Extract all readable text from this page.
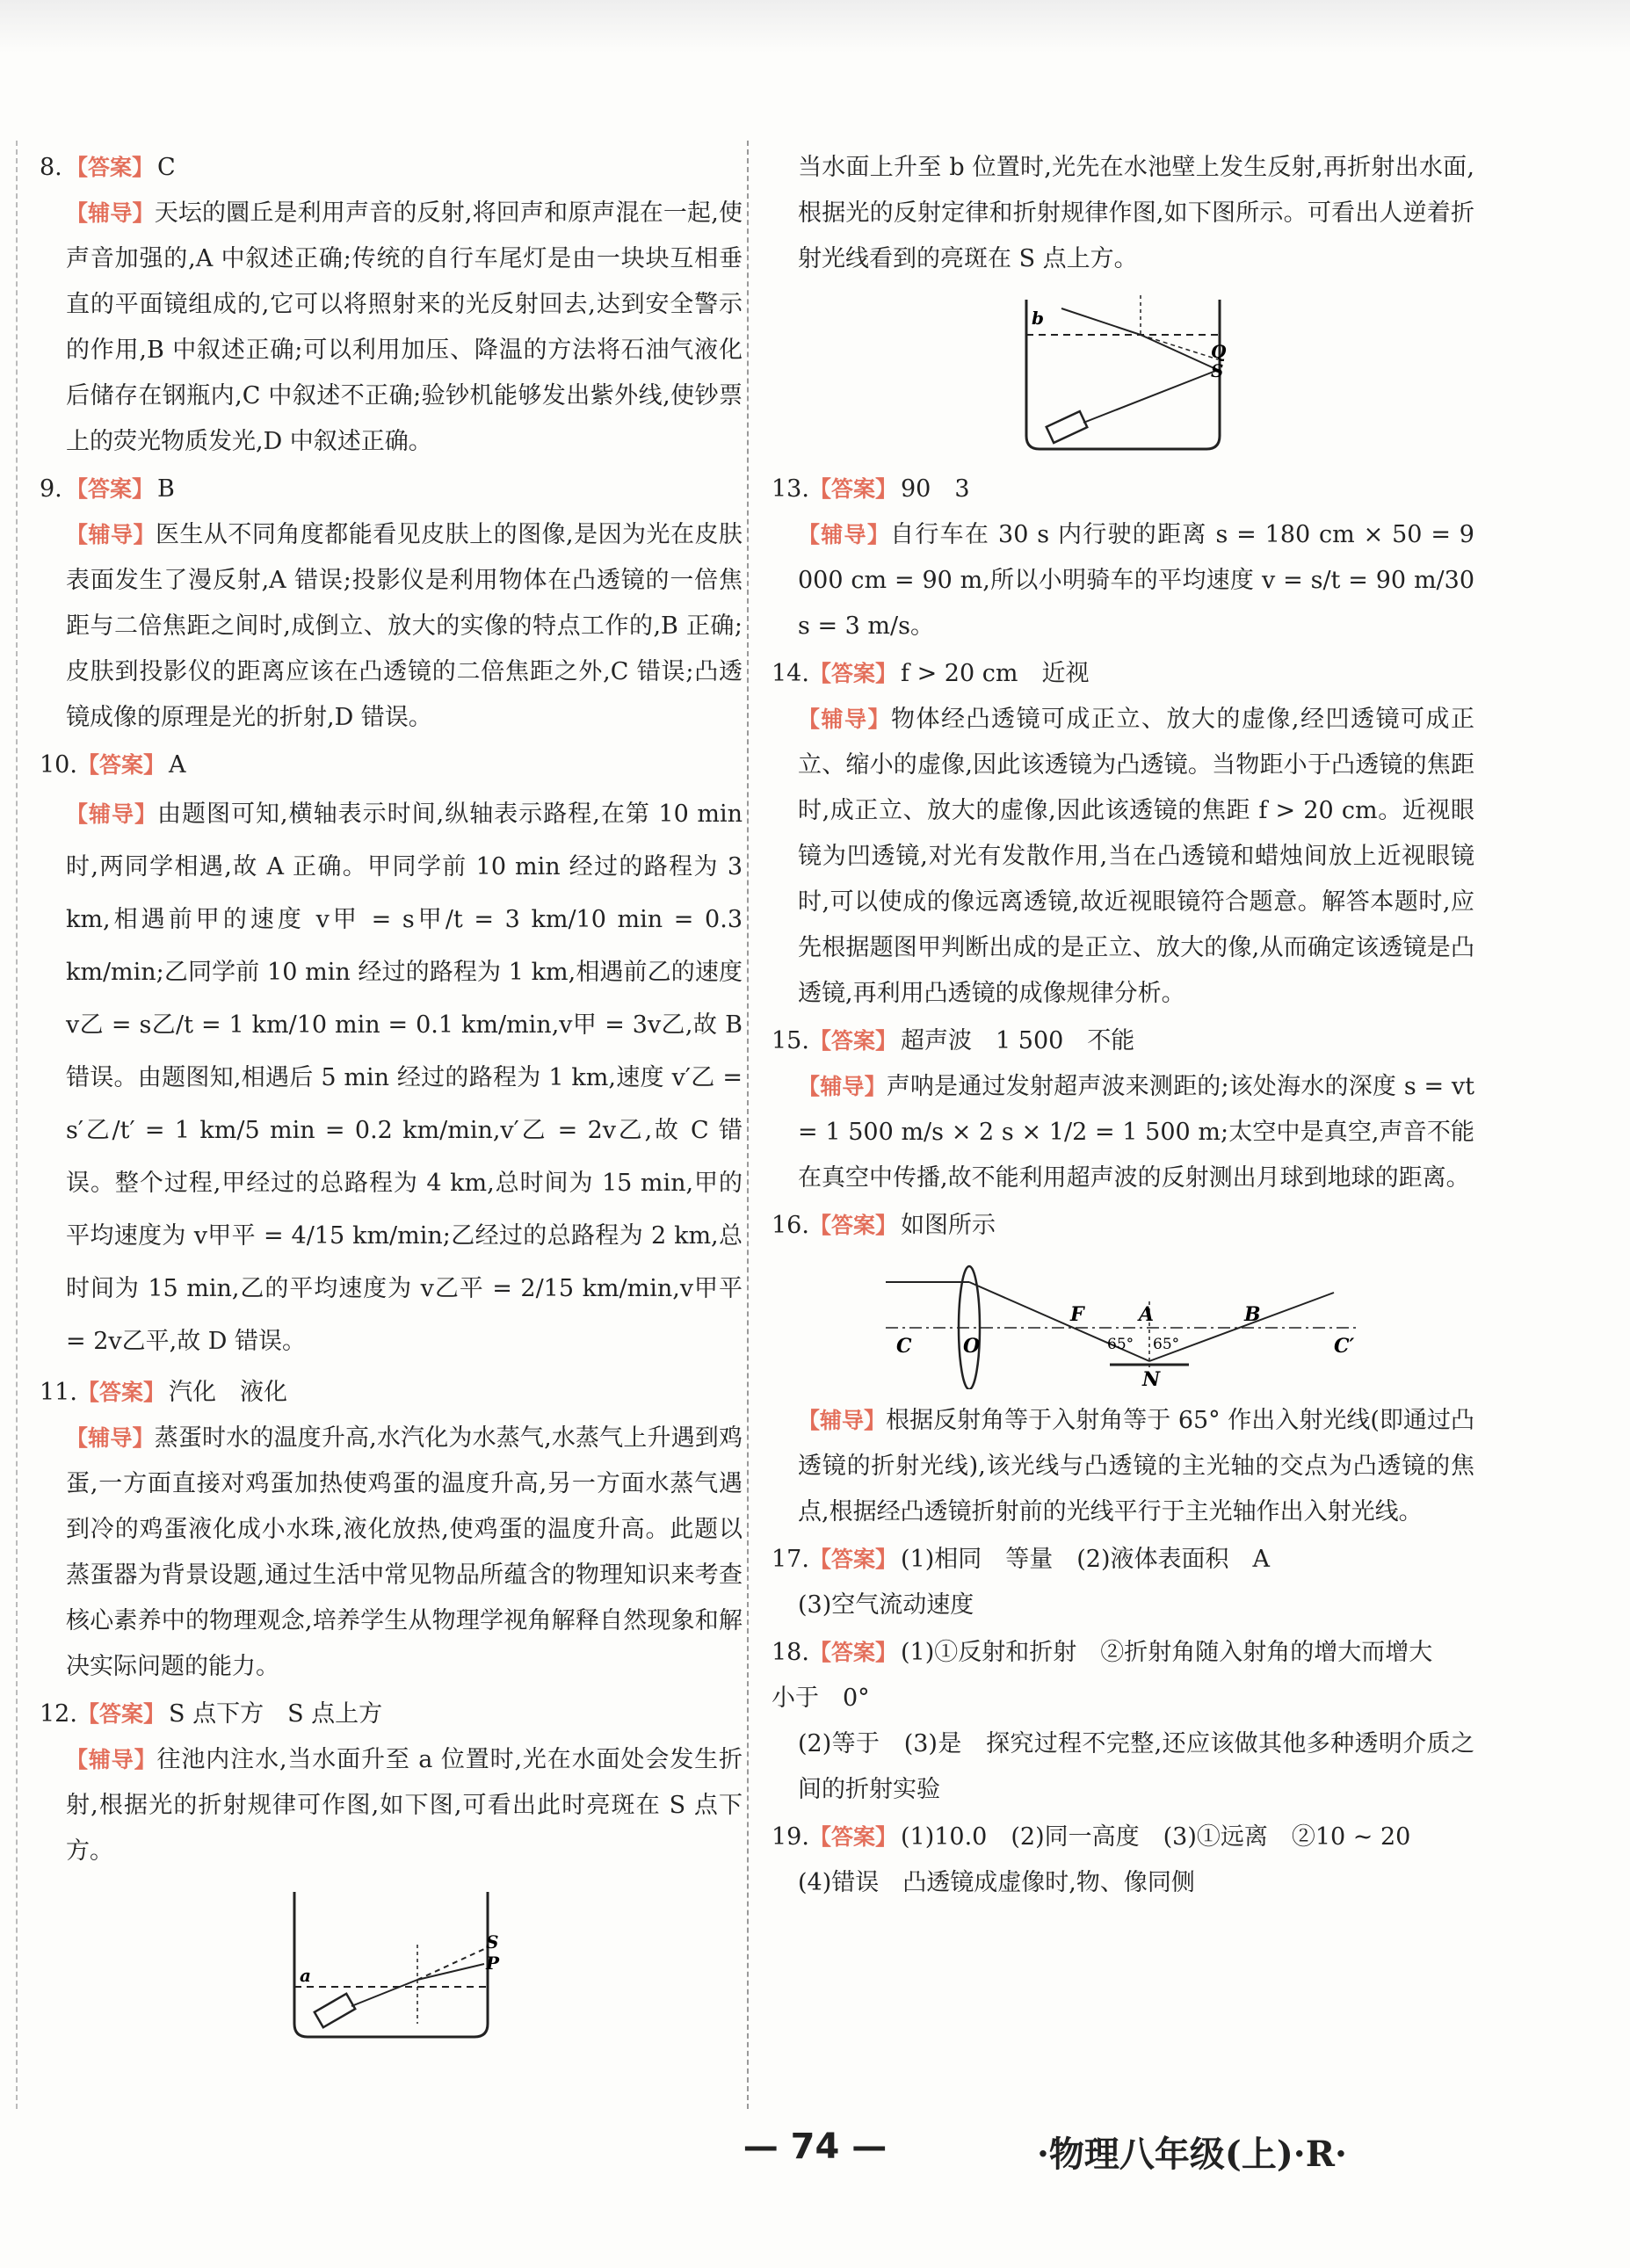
8. 【答案】 C
【辅导】天坛的圜丘是利用声音的反射,将回声和原声混在一起,使声音加强的,A 中叙述正确;传统的自行车尾灯是由一块块互相垂直的平面镜组成的,它可以将照射来的光反射回去,达到安全警示的作用,B 中叙述正确;可以利用加压、降温的方法将石油气液化后储存在钢瓶内,C 中叙述不正确;验钞机能够发出紫外线,使钞票上的荧光物质发光,D 中叙述正确。
9. 【答案】 B
【辅导】医生从不同角度都能看见皮肤上的图像,是因为光在皮肤表面发生了漫反射,A 错误;投影仪是利用物体在凸透镜的一倍焦距与二倍焦距之间时,成倒立、放大的实像的特点工作的,B 正确;皮肤到投影仪的距离应该在凸透镜的二倍焦距之外,C 错误;凸透镜成像的原理是光的折射,D 错误。
10.【答案】 A
【辅导】由题图可知,横轴表示时间,纵轴表示路程,在第 10 min 时,两同学相遇,故 A 正确。甲同学前 10 min 经过的路程为 3 km,相遇前甲的速度 v甲 = s甲/t = 3 km/10 min = 0.3 km/min;乙同学前 10 min 经过的路程为 1 km,相遇前乙的速度 v乙 = s乙/t = 1 km/10 min = 0.1 km/min,v甲 = 3v乙,故 B 错误。由题图知,相遇后 5 min 经过的路程为 1 km,速度 v′乙 = s′乙/t′ = 1 km/5 min = 0.2 km/min,v′乙 = 2v乙,故 C 错误。整个过程,甲经过的总路程为 4 km,总时间为 15 min,甲的平均速度为 v甲平 = 4/15 km/min;乙经过的总路程为 2 km,总时间为 15 min,乙的平均速度为 v乙平 = 2/15 km/min,v甲平 = 2v乙平,故 D 错误。
11.【答案】 汽化　液化
【辅导】蒸蛋时水的温度升高,水汽化为水蒸气,水蒸气上升遇到鸡蛋,一方面直接对鸡蛋加热使鸡蛋的温度升高,另一方面水蒸气遇到冷的鸡蛋液化成小水珠,液化放热,使鸡蛋的温度升高。此题以蒸蛋器为背景设题,通过生活中常见物品所蕴含的物理知识来考查核心素养中的物理观念,培养学生从物理学视角解释自然现象和解决实际问题的能力。
12.【答案】 S 点下方　S 点上方
【辅导】往池内注水,当水面升至 a 位置时,光在水面处会发生折射,根据光的折射规律可作图,如下图,可看出此时亮斑在 S 点下方。
a
S
P
当水面上升至 b 位置时,光先在水池壁上发生反射,再折射出水面,根据光的反射定律和折射规律作图,如下图所示。可看出人逆着折射光线看到的亮斑在 S 点上方。
b
Q
S
13.【答案】 90　3
【辅导】自行车在 30 s 内行驶的距离 s = 180 cm × 50 = 9 000 cm = 90 m,所以小明骑车的平均速度 v = s/t = 90 m/30 s = 3 m/s。
14.【答案】 f > 20 cm　近视
【辅导】物体经凸透镜可成正立、放大的虚像,经凹透镜可成正立、缩小的虚像,因此该透镜为凸透镜。当物距小于凸透镜的焦距时,成正立、放大的虚像,因此该透镜的焦距 f > 20 cm。近视眼镜为凹透镜,对光有发散作用,当在凸透镜和蜡烛间放上近视眼镜时,可以使成的像远离透镜,故近视眼镜符合题意。解答本题时,应先根据题图甲判断出成的是正立、放大的像,从而确定该透镜是凸透镜,再利用凸透镜的成像规律分析。
15.【答案】 超声波　1 500　不能
【辅导】声呐是通过发射超声波来测距的;该处海水的深度 s = vt = 1 500 m/s × 2 s × 1/2 = 1 500 m;太空中是真空,声音不能在真空中传播,故不能利用超声波的反射测出月球到地球的距离。
16.【答案】 如图所示
C	O
F	A	B
C′
N
65° 65°
【辅导】根据反射角等于入射角等于 65° 作出入射光线(即通过凸透镜的折射光线),该光线与凸透镜的主光轴的交点为凸透镜的焦点,根据经凸透镜折射前的光线平行于主光轴作出入射光线。
17.【答案】 (1)相同　等量　(2)液体表面积　A
(3)空气流动速度
18.【答案】 (1)①反射和折射　②折射角随入射角的增大而增大　小于　0°
(2)等于　(3)是　探究过程不完整,还应该做其他多种透明介质之间的折射实验
19.【答案】 (1)10.0　(2)同一高度　(3)①远离　②10 ~ 20
(4)错误　凸透镜成虚像时,物、像同侧
— 74 —	·物理八年级(上)·R·
